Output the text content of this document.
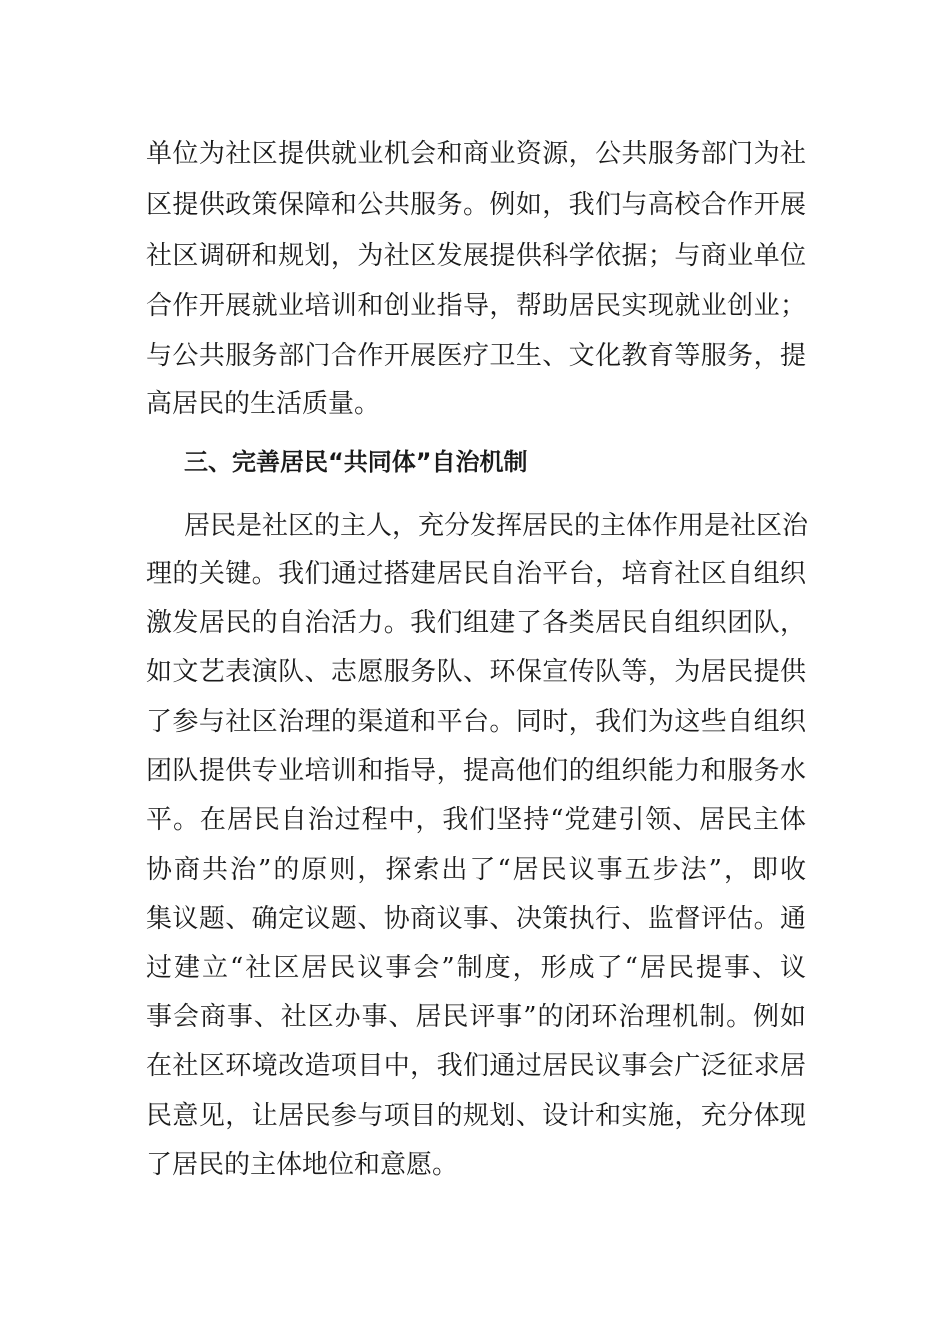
单位为社区提供就业机会和商业资源，公共服务部门为社
区提供政策保障和公共服务。例如，我们与高校合作开展
社区调研和规划，为社区发展提供科学依据；与商业单位
合作开展就业培训和创业指导，帮助居民实现就业创业；
与公共服务部门合作开展医疗卫生、文化教育等服务，提
高居民的生活质量。
三、完善居民“共同体”自治机制
居民是社区的主人，充分发挥居民的主体作用是社区治
理的关键。我们通过搭建居民自治平台，培育社区自组织
激发居民的自治活力。我们组建了各类居民自组织团队，
如文艺表演队、志愿服务队、环保宣传队等，为居民提供
了参与社区治理的渠道和平台。同时，我们为这些自组织
团队提供专业培训和指导，提高他们的组织能力和服务水
平。在居民自治过程中，我们坚持“党建引领、居民主体
协商共治”的原则，探索出了“居民议事五步法”，即收
集议题、确定议题、协商议事、决策执行、监督评估。通
过建立“社区居民议事会”制度，形成了“居民提事、议
事会商事、社区办事、居民评事”的闭环治理机制。例如
在社区环境改造项目中，我们通过居民议事会广泛征求居
民意见，让居民参与项目的规划、设计和实施，充分体现
了居民的主体地位和意愿。
